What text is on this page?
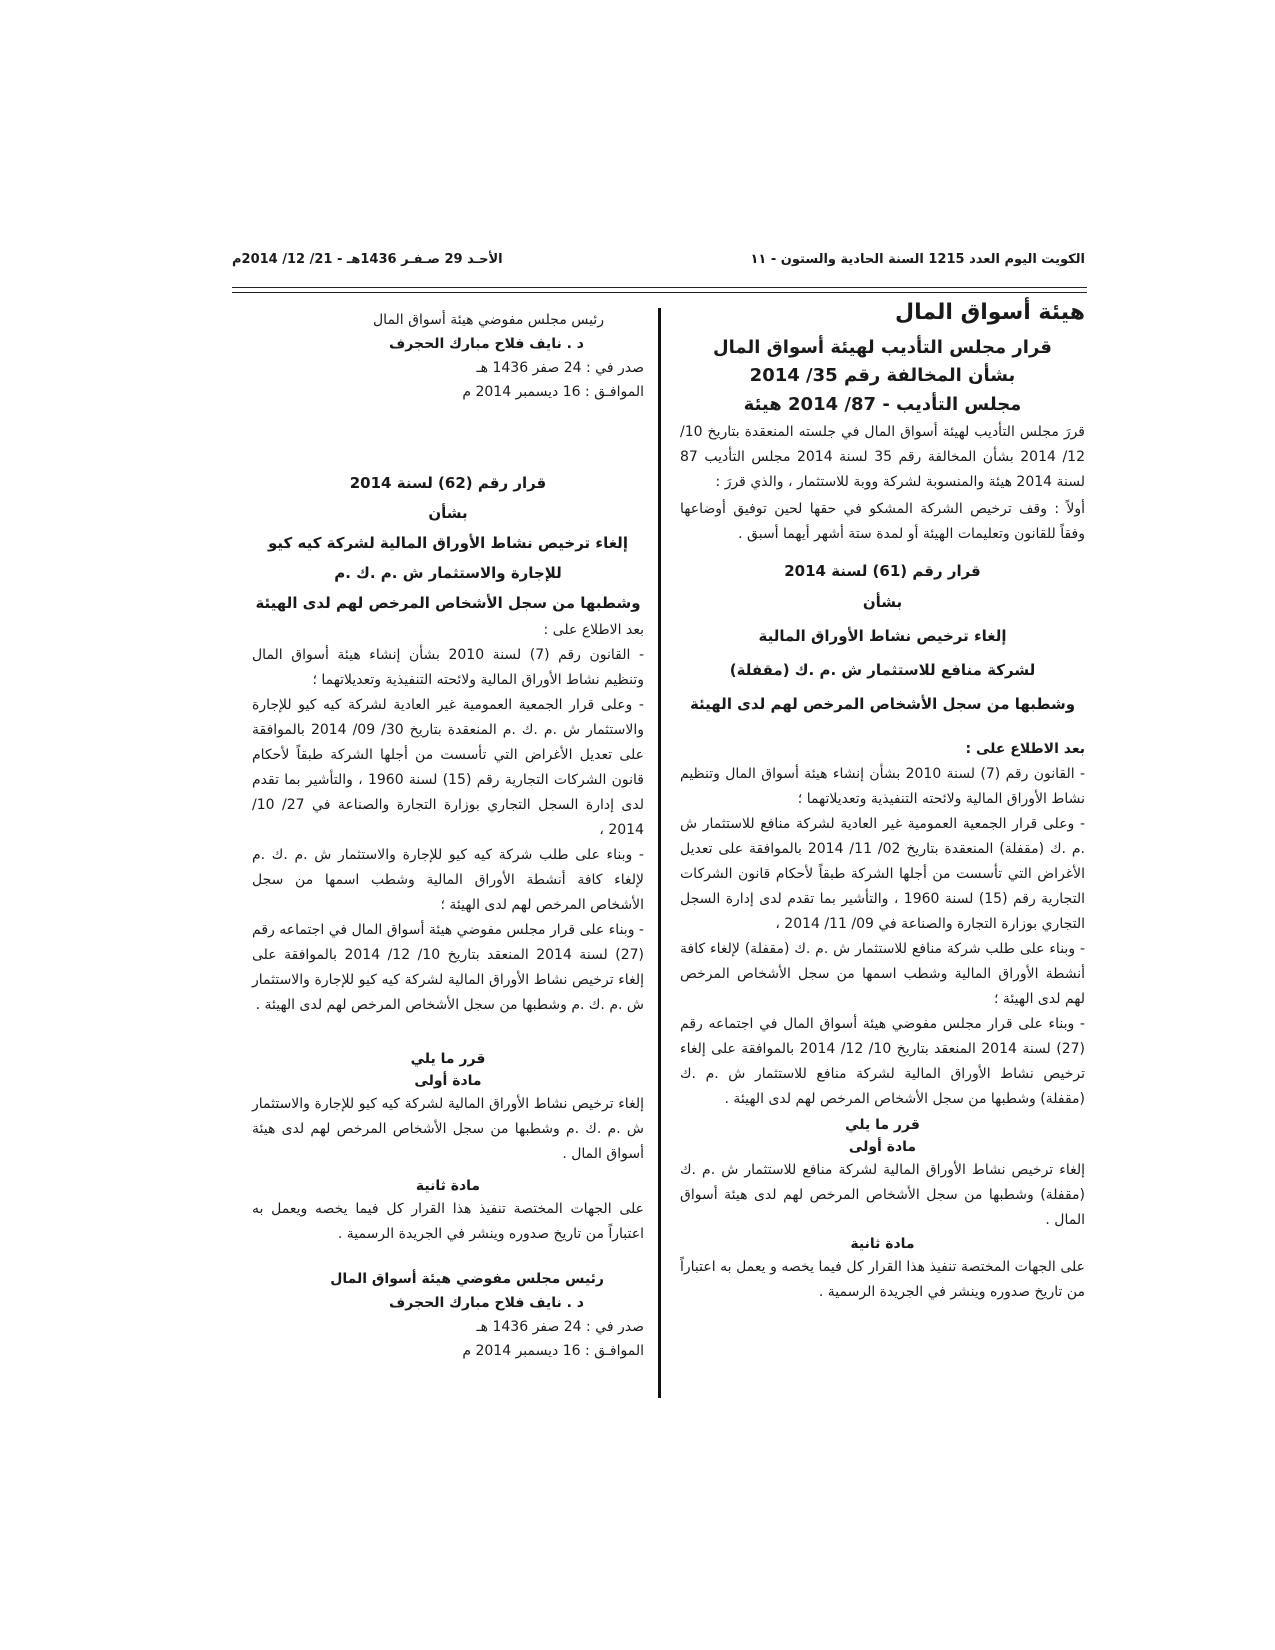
الكويت اليوم العدد 1215 السنة الحادية والستون - ١١
الأحـد 29 صـفـر 1436هـ - 21/ 12/ 2014م
هيئة أسواق المال
قرار مجلس التأديب لهيئة أسواق المال
بشأن المخالفة رقم 35/ 2014
مجلس التأديب - 87/ 2014 هيئة
قررَ مجلس التأديب لهيئة أسواق المال في جلسته المنعقدة بتاريخ 10/ 12/ 2014 بشأن المخالفة رقم 35 لسنة 2014 مجلس التأديب 87 لسنة 2014 هيئة والمنسوبة لشركة ووبة للاستثمار ، والذي قررَ :
أولاً : وقف ترخيص الشركة المشكو في حقها لحين توفيق أوضاعها وفقاً للقانون وتعليمات الهيئة أو لمدة ستة أشهر أيهما أسبق .
قرار رقم (61) لسنة 2014
بشأن
إلغاء ترخيص نشاط الأوراق المالية
لشركة منافع للاستثمار ش .م .ك (مقفلة)
وشطبها من سجل الأشخاص المرخص لهم لدى الهيئة
بعد الاطلاع على :
- القانون رقم (7) لسنة 2010 بشأن إنشاء هيئة أسواق المال وتنظيم نشاط الأوراق المالية ولائحته التنفيذية وتعديلاتهما ؛
- وعلى قرار الجمعية العمومية غير العادية لشركة منافع للاستثمار ش .م .ك (مقفلة) المنعقدة بتاريخ 02/ 11/ 2014 بالموافقة على تعديل الأغراض التي تأسست من أجلها الشركة طبقاً لأحكام قانون الشركات التجارية رقم (15) لسنة 1960 ، والتأشير بما تقدم لدى إدارة السجل التجاري بوزارة التجارة والصناعة في 09/ 11/ 2014 ،
- وبناء على طلب شركة منافع للاستثمار ش .م .ك (مقفلة) لإلغاء كافة أنشطة الأوراق المالية وشطب اسمها من سجل الأشخاص المرخص لهم لدى الهيئة ؛
- وبناء على قرار مجلس مفوضي هيئة أسواق المال في اجتماعه رقم (27) لسنة 2014 المنعقد بتاريخ 10/ 12/ 2014 بالموافقة على إلغاء ترخيص نشاط الأوراق المالية لشركة منافع للاستثمار ش .م .ك (مقفلة) وشطبها من سجل الأشخاص المرخص لهم لدى الهيئة .
قرر ما يلي
مادة أولى
إلغاء ترخيص نشاط الأوراق المالية لشركة منافع للاستثمار ش .م .ك (مقفلة) وشطبها من سجل الأشخاص المرخص لهم لدى هيئة أسواق المال .
مادة ثانية
على الجهات المختصة تنفيذ هذا القرار كل فيما يخصه و يعمل به اعتباراً من تاريخ صدوره وينشر في الجريدة الرسمية .
رئيس مجلس مفوضي هيئة أسواق المال
د . نايف فلاح مبارك الحجرف
صدر في : 24 صفر 1436 هـ
الموافـق : 16 ديسمبر 2014 م
قرار رقم (62) لسنة 2014
بشأن
إلغاء ترخيص نشاط الأوراق المالية لشركة كيه كيو
للإجارة والاستثمار ش .م .ك .م
وشطبها من سجل الأشخاص المرخص لهم لدى الهيئة
بعد الاطلاع على :
- القانون رقم (7) لسنة 2010 بشأن إنشاء هيئة أسواق المال وتنظيم نشاط الأوراق المالية ولائحته التنفيذية وتعديلاتهما ؛
- وعلى قرار الجمعية العمومية غير العادية لشركة كيه كيو للإجارة والاستثمار ش .م .ك .م المنعقدة بتاريخ 30/ 09/ 2014 بالموافقة على تعديل الأغراض التي تأسست من أجلها الشركة طبقاً لأحكام قانون الشركات التجارية رقم (15) لسنة 1960 ، والتأشير بما تقدم لدى إدارة السجل التجاري بوزارة التجارة والصناعة في 27/ 10/ 2014 ،
- وبناء على طلب شركة كيه كيو للإجارة والاستثمار ش .م .ك .م لإلغاء كافة أنشطة الأوراق المالية وشطب اسمها من سجل الأشخاص المرخص لهم لدى الهيئة ؛
- وبناء على قرار مجلس مفوضي هيئة أسواق المال في اجتماعه رقم (27) لسنة 2014 المنعقد بتاريخ 10/ 12/ 2014 بالموافقة على إلغاء ترخيص نشاط الأوراق المالية لشركة كيه كيو للإجارة والاستثمار ش .م .ك .م وشطبها من سجل الأشخاص المرخص لهم لدى الهيئة .
قرر ما يلي
مادة أولى
إلغاء ترخيص نشاط الأوراق المالية لشركة كيه كيو للإجارة والاستثمار ش .م .ك .م وشطبها من سجل الأشخاص المرخص لهم لدى هيئة أسواق المال .
مادة ثانية
على الجهات المختصة تنفيذ هذا القرار كل فيما يخصه ويعمل به اعتباراً من تاريخ صدوره وينشر في الجريدة الرسمية .
رئيس مجلس مفوضي هيئة أسواق المال
د . نايف فلاح مبارك الحجرف
صدر في : 24 صفر 1436 هـ
الموافـق : 16 ديسمبر 2014 م
